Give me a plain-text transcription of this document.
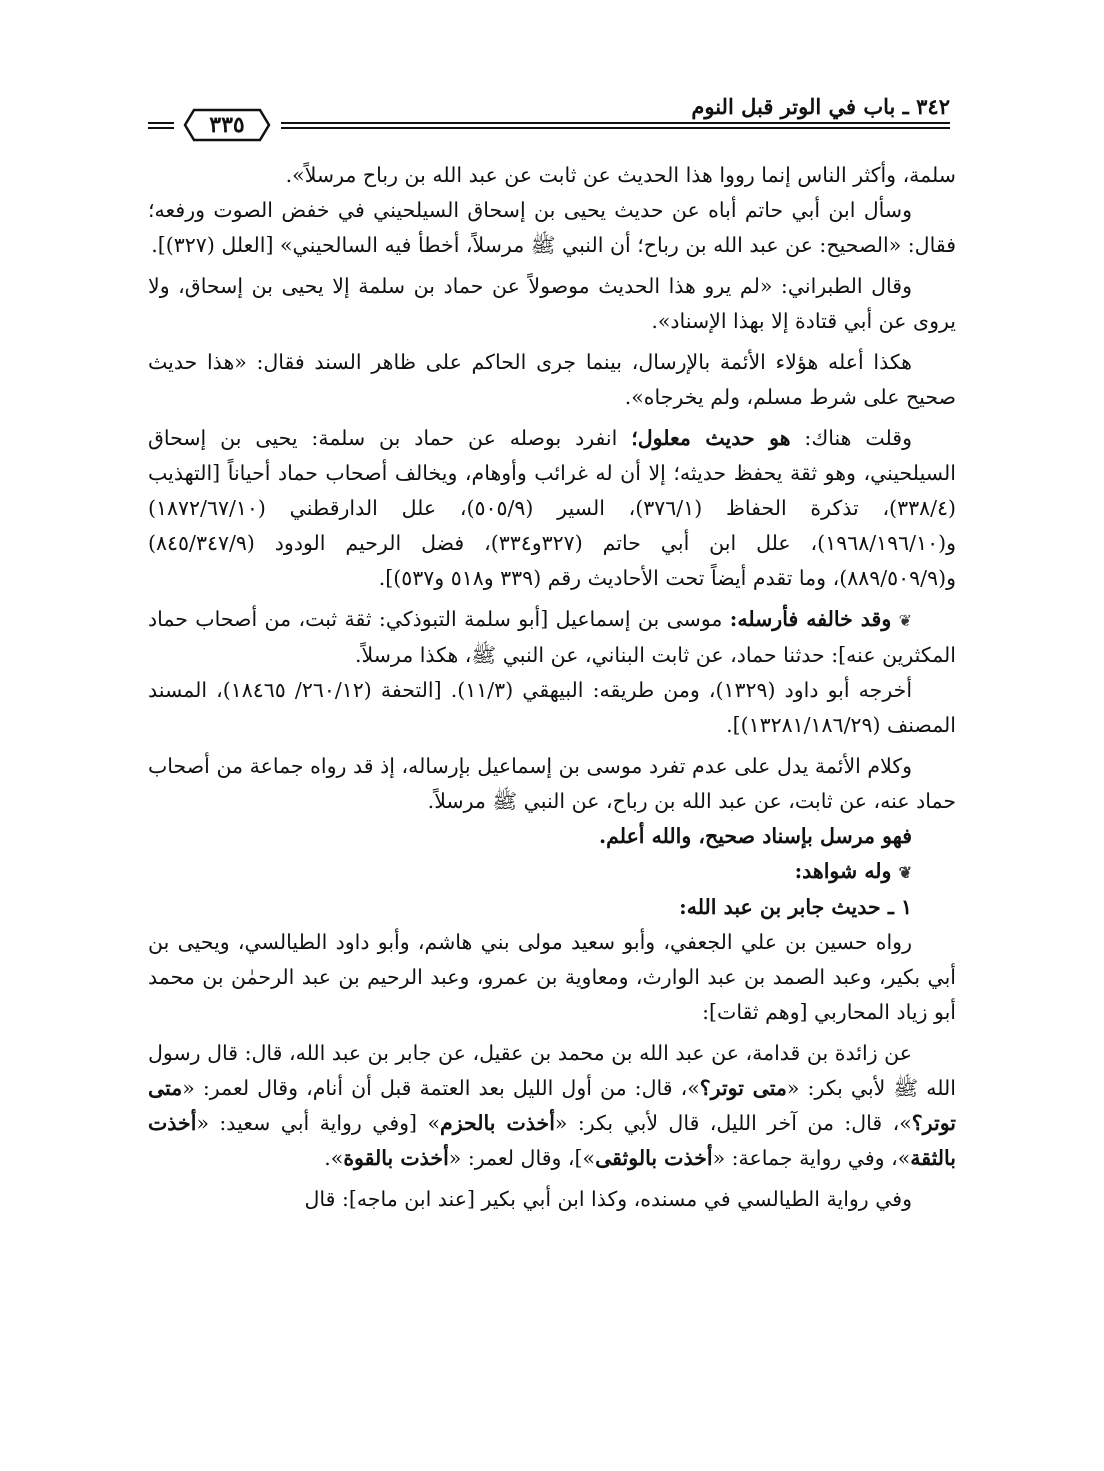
٣٤٢ ـ باب في الوتر قبل النوم
٣٣٥

سلمة، وأكثر الناس إنما رووا هذا الحديث عن ثابت عن عبد الله بن رباح مرسلاً».

وسأل ابن أبي حاتم أباه عن حديث يحيى بن إسحاق السيلحيني في خفض الصوت ورفعه؛ فقال: «الصحيح: عن عبد الله بن رباح؛ أن النبي ﷺ مرسلاً، أخطأ فيه السالحيني» [العلل (٣٢٧)].

وقال الطبراني: «لم يرو هذا الحديث موصولاً عن حماد بن سلمة إلا يحيى بن إسحاق، ولا يروى عن أبي قتادة إلا بهذا الإسناد».

هكذا أعله هؤلاء الأئمة بالإرسال، بينما جرى الحاكم على ظاهر السند فقال: «هذا حديث صحيح على شرط مسلم، ولم يخرجاه».

وقلت هناك: هو حديث معلول؛ انفرد بوصله عن حماد بن سلمة: يحيى بن إسحاق السيلحيني، وهو ثقة يحفظ حديثه؛ إلا أن له غرائب وأوهام، ويخالف أصحاب حماد أحياناً [التهذيب (٣٣٨/٤)، تذكرة الحفاظ (٣٧٦/١)، السير (٥٠٥/٩)، علل الدارقطني (١٨٧٢/٦٧/١٠) و(١٩٦٨/١٩٦/١٠)، علل ابن أبي حاتم (٣٢٧و٣٣٤)، فضل الرحيم الودود (٨٤٥/٣٤٧/٩) و(٨٨٩/٥٠٩/٩)، وما تقدم أيضاً تحت الأحاديث رقم (٣٣٩ و٥١٨ و٥٣٧)].

❦ وقد خالفه فأرسله: موسى بن إسماعيل [أبو سلمة التبوذكي: ثقة ثبت، من أصحاب حماد المكثرين عنه]: حدثنا حماد، عن ثابت البناني، عن النبي ﷺ، هكذا مرسلاً.

أخرجه أبو داود (١٣٢٩)، ومن طريقه: البيهقي (١١/٣). [التحفة (٢٦٠/١٢/ ١٨٤٦٥)، المسند المصنف (١٣٢٨١/١٨٦/٢٩)].

وكلام الأئمة يدل على عدم تفرد موسى بن إسماعيل بإرساله، إذ قد رواه جماعة من أصحاب حماد عنه، عن ثابت، عن عبد الله بن رباح، عن النبي ﷺ مرسلاً.

فهو مرسل بإسناد صحيح، والله أعلم.

❦ وله شواهد:

١ ـ حديث جابر بن عبد الله:

رواه حسين بن علي الجعفي، وأبو سعيد مولى بني هاشم، وأبو داود الطيالسي، ويحيى بن أبي بكير، وعبد الصمد بن عبد الوارث، ومعاوية بن عمرو، وعبد الرحيم بن عبد الرحمٰن بن محمد أبو زياد المحاربي [وهم ثقات]:

عن زائدة بن قدامة، عن عبد الله بن محمد بن عقيل، عن جابر بن عبد الله، قال: قال رسول الله ﷺ لأبي بكر: «متى توتر؟»، قال: من أول الليل بعد العتمة قبل أن أنام، وقال لعمر: «متى توتر؟»، قال: من آخر الليل، قال لأبي بكر: «أخذت بالحزم» [وفي رواية أبي سعيد: «أخذت بالثقة»، وفي رواية جماعة: «أخذت بالوثقى»]، وقال لعمر: «أخذت بالقوة».

وفي رواية الطيالسي في مسنده، وكذا ابن أبي بكير [عند ابن ماجه]: قال
